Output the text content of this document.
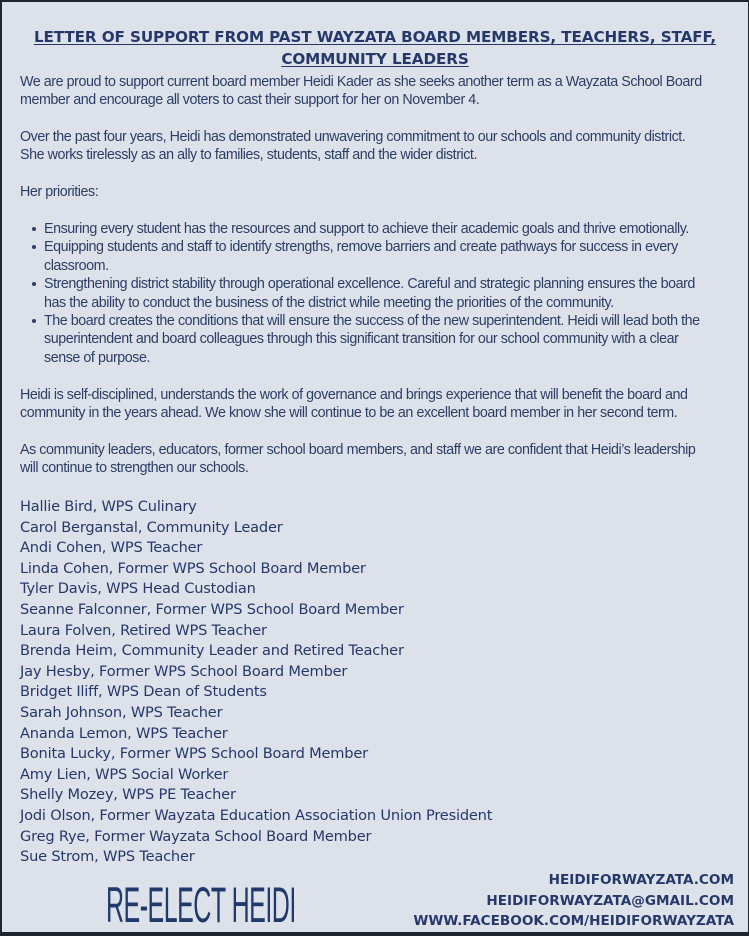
LETTER OF SUPPORT FROM PAST WAYZATA BOARD MEMBERS, TEACHERS, STAFF,
COMMUNITY LEADERS
We are proud to support current board member Heidi Kader as she seeks another term as a Wayzata School Board
member and encourage all voters to cast their support for her on November 4.
Over the past four years, Heidi has demonstrated unwavering commitment to our schools and community district.
She works tirelessly as an ally to families, students, staff and the wider district.
Her priorities:
Ensuring every student has the resources and support to achieve their academic goals and thrive emotionally.
Equipping students and staff to identify strengths, remove barriers and create pathways for success in every
classroom.
Strengthening district stability through operational excellence. Careful and strategic planning ensures the board
has the ability to conduct the business of the district while meeting the priorities of the community.
The board creates the conditions that will ensure the success of the new superintendent. Heidi will lead both the
superintendent and board colleagues through this significant transition for our school community with a clear
sense of purpose.
Heidi is self-disciplined, understands the work of governance and brings experience that will benefit the board and
community in the years ahead. We know she will continue to be an excellent board member in her second term.
As community leaders, educators, former school board members, and staff we are confident that Heidi’s leadership
will continue to strengthen our schools.
Hallie Bird, WPS Culinary
Carol Berganstal, Community Leader
Andi Cohen, WPS Teacher
Linda Cohen, Former WPS School Board Member
Tyler Davis, WPS Head Custodian
Seanne Falconner, Former WPS School Board Member
Laura Folven, Retired WPS Teacher
Brenda Heim, Community Leader and Retired Teacher
Jay Hesby, Former WPS School Board Member
Bridget Iliff, WPS Dean of Students
Sarah Johnson, WPS Teacher
Ananda Lemon, WPS Teacher
Bonita Lucky, Former WPS School Board Member
Amy Lien, WPS Social Worker
Shelly Mozey, WPS PE Teacher
Jodi Olson, Former Wayzata Education Association Union President
Greg Rye, Former Wayzata School Board Member
Sue Strom, WPS Teacher
RE-ELECT HEIDI	HEIDIFORWAYZATA.COM
HEIDIFORWAYZATA@GMAIL.COM
WWW.FACEBOOK.COM/HEIDIFORWAYZATA
